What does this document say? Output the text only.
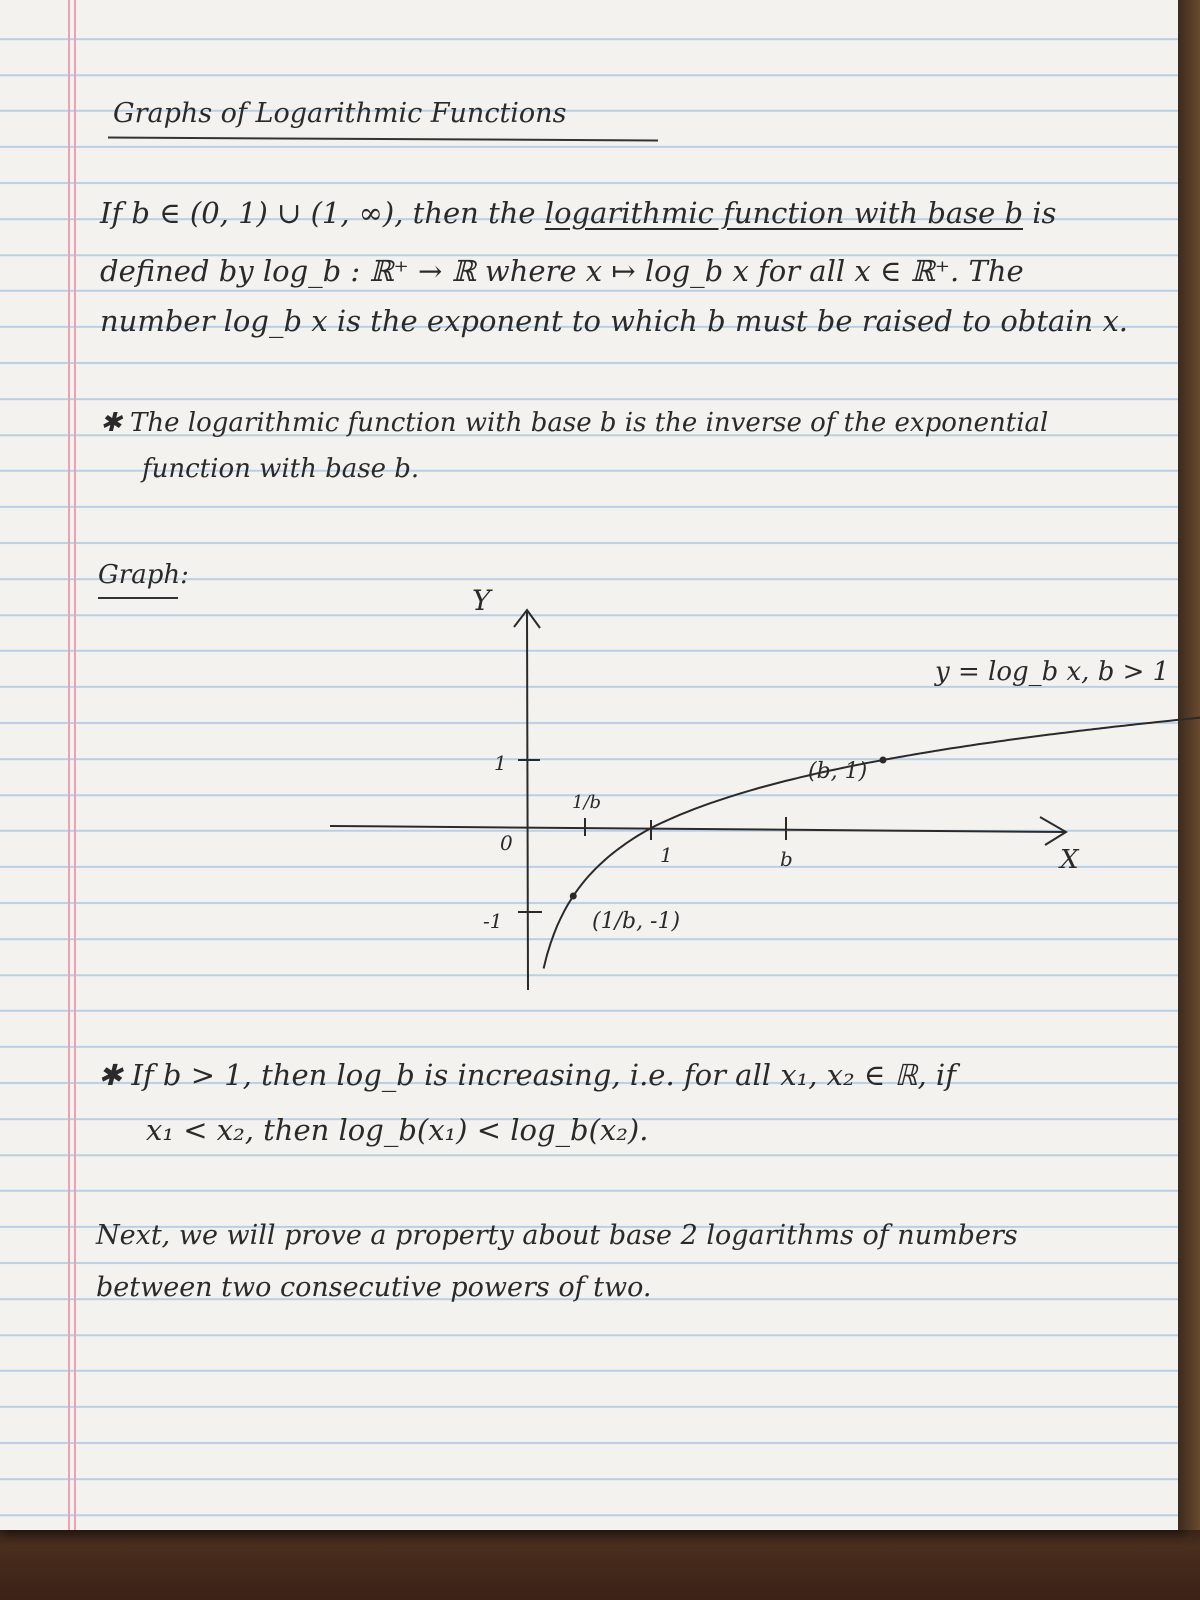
Graphs of Logarithmic Functions
If b ∈ (0, 1) ∪ (1, ∞), then the logarithmic function with base b is
defined by log_b : ℝ⁺ → ℝ where x ↦ log_b x for all x ∈ ℝ⁺. The
number log_b x is the exponent to which b must be raised to obtain x.
✱ The logarithmic function with base b is the inverse of the exponential
function with base b.
Graph:
Y
X
y = log_b x, b > 1
1
0
-1
1/b
1	b
(b, 1)
(1/b, -1)
✱ If b > 1, then log_b is increasing, i.e. for all x₁, x₂ ∈ ℝ, if
x₁ < x₂, then log_b(x₁) < log_b(x₂).
Next, we will prove a property about base 2 logarithms of numbers
between two consecutive powers of two.
